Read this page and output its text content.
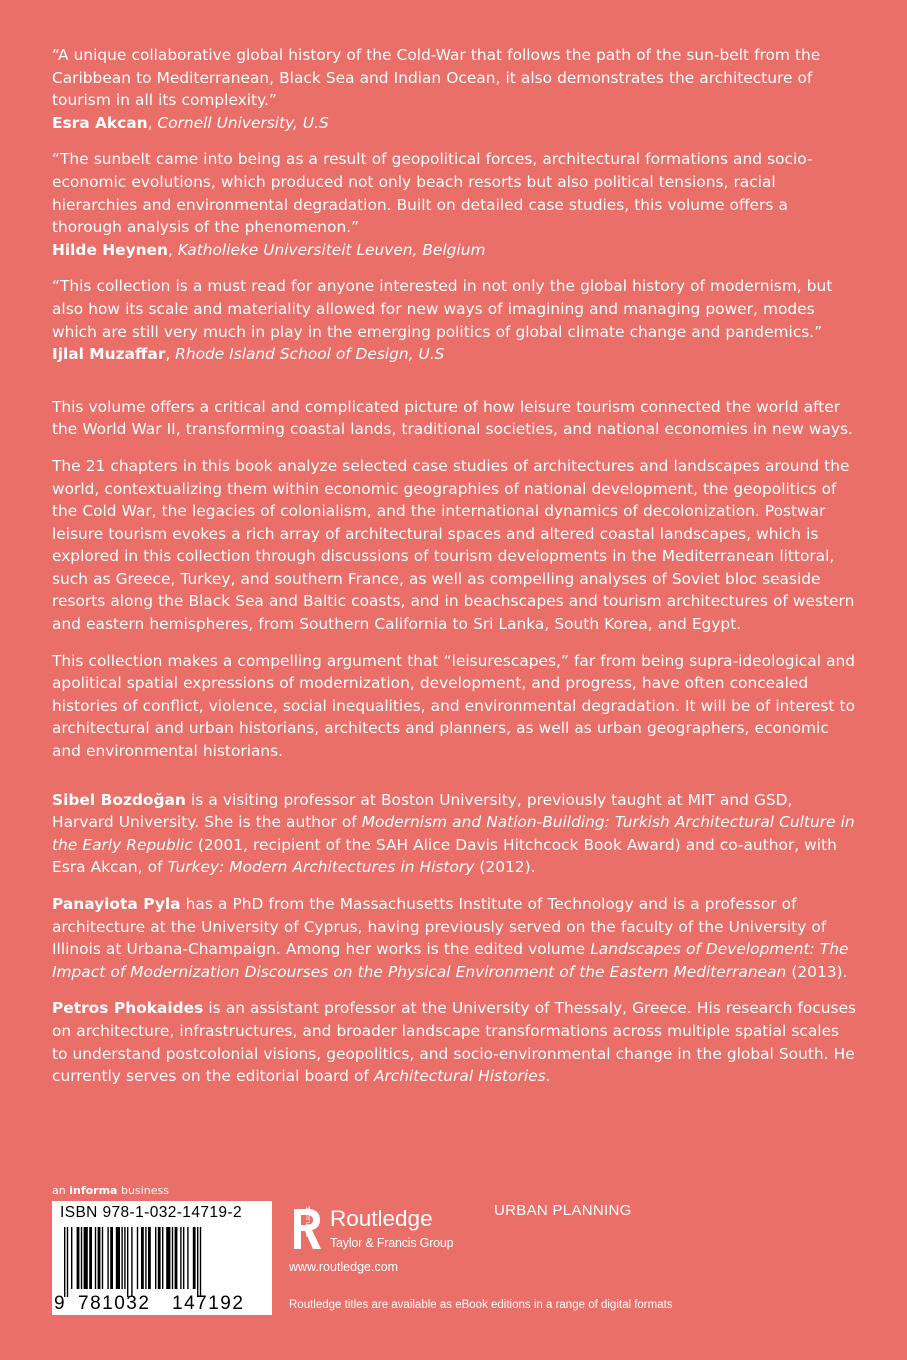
“A unique collaborative global history of the Cold-War that follows the path of the sun-belt from the Caribbean to Mediterranean, Black Sea and Indian Ocean, it also demonstrates the architecture of tourism in all its complexity.”

Esra Akcan, Cornell University, U.S

“The sunbelt came into being as a result of geopolitical forces, architectural formations and socio-economic evolutions, which produced not only beach resorts but also political tensions, racial hierarchies and environmental degradation. Built on detailed case studies, this volume offers a thorough analysis of the phenomenon.”

Hilde Heynen, Katholieke Universiteit Leuven, Belgium

“This collection is a must read for anyone interested in not only the global history of modernism, but also how its scale and materiality allowed for new ways of imagining and managing power, modes which are still very much in play in the emerging politics of global climate change and pandemics.”

Ijlal Muzaffar, Rhode Island School of Design, U.S

This volume offers a critical and complicated picture of how leisure tourism connected the world after the World War II, transforming coastal lands, traditional societies, and national economies in new ways.

The 21 chapters in this book analyze selected case studies of architectures and landscapes around the world, contextualizing them within economic geographies of national development, the geopolitics of the Cold War, the legacies of colonialism, and the international dynamics of decolonization. Postwar leisure tourism evokes a rich array of architectural spaces and altered coastal landscapes, which is explored in this collection through discussions of tourism developments in the Mediterranean littoral, such as Greece, Turkey, and southern France, as well as compelling analyses of Soviet bloc seaside resorts along the Black Sea and Baltic coasts, and in beachscapes and tourism architectures of western and eastern hemispheres, from Southern California to Sri Lanka, South Korea, and Egypt.

This collection makes a compelling argument that “leisurescapes,” far from being supra-ideological and apolitical spatial expressions of modernization, development, and progress, have often concealed histories of conflict, violence, social inequalities, and environmental degradation. It will be of interest to architectural and urban historians, architects and planners, as well as urban geographers, economic and environmental historians.

Sibel Bozdoğan is a visiting professor at Boston University, previously taught at MIT and GSD, Harvard University. She is the author of Modernism and Nation-Building: Turkish Architectural Culture in the Early Republic (2001, recipient of the SAH Alice Davis Hitchcock Book Award) and co-author, with Esra Akcan, of Turkey: Modern Architectures in History (2012).

Panayiota Pyla has a PhD from the Massachusetts Institute of Technology and is a professor of architecture at the University of Cyprus, having previously served on the faculty of the University of Illinois at Urbana-Champaign. Among her works is the edited volume Landscapes of Development: The Impact of Modernization Discourses on the Physical Environment of the Eastern Mediterranean (2013).

Petros Phokaides is an assistant professor at the University of Thessaly, Greece. His research focuses on architecture, infrastructures, and broader landscape transformations across multiple spatial scales to understand postcolonial visions, geopolitics, and socio-environmental change in the global South. He currently serves on the editorial board of Architectural Histories.

an informa business
ISBN 978-1-032-14719-2
9 781032 147192
ROUTLEDGE Routledge
Taylor & Francis Group
URBAN PLANNING
www.routledge.com
Routledge titles are available as eBook editions in a range of digital formats
